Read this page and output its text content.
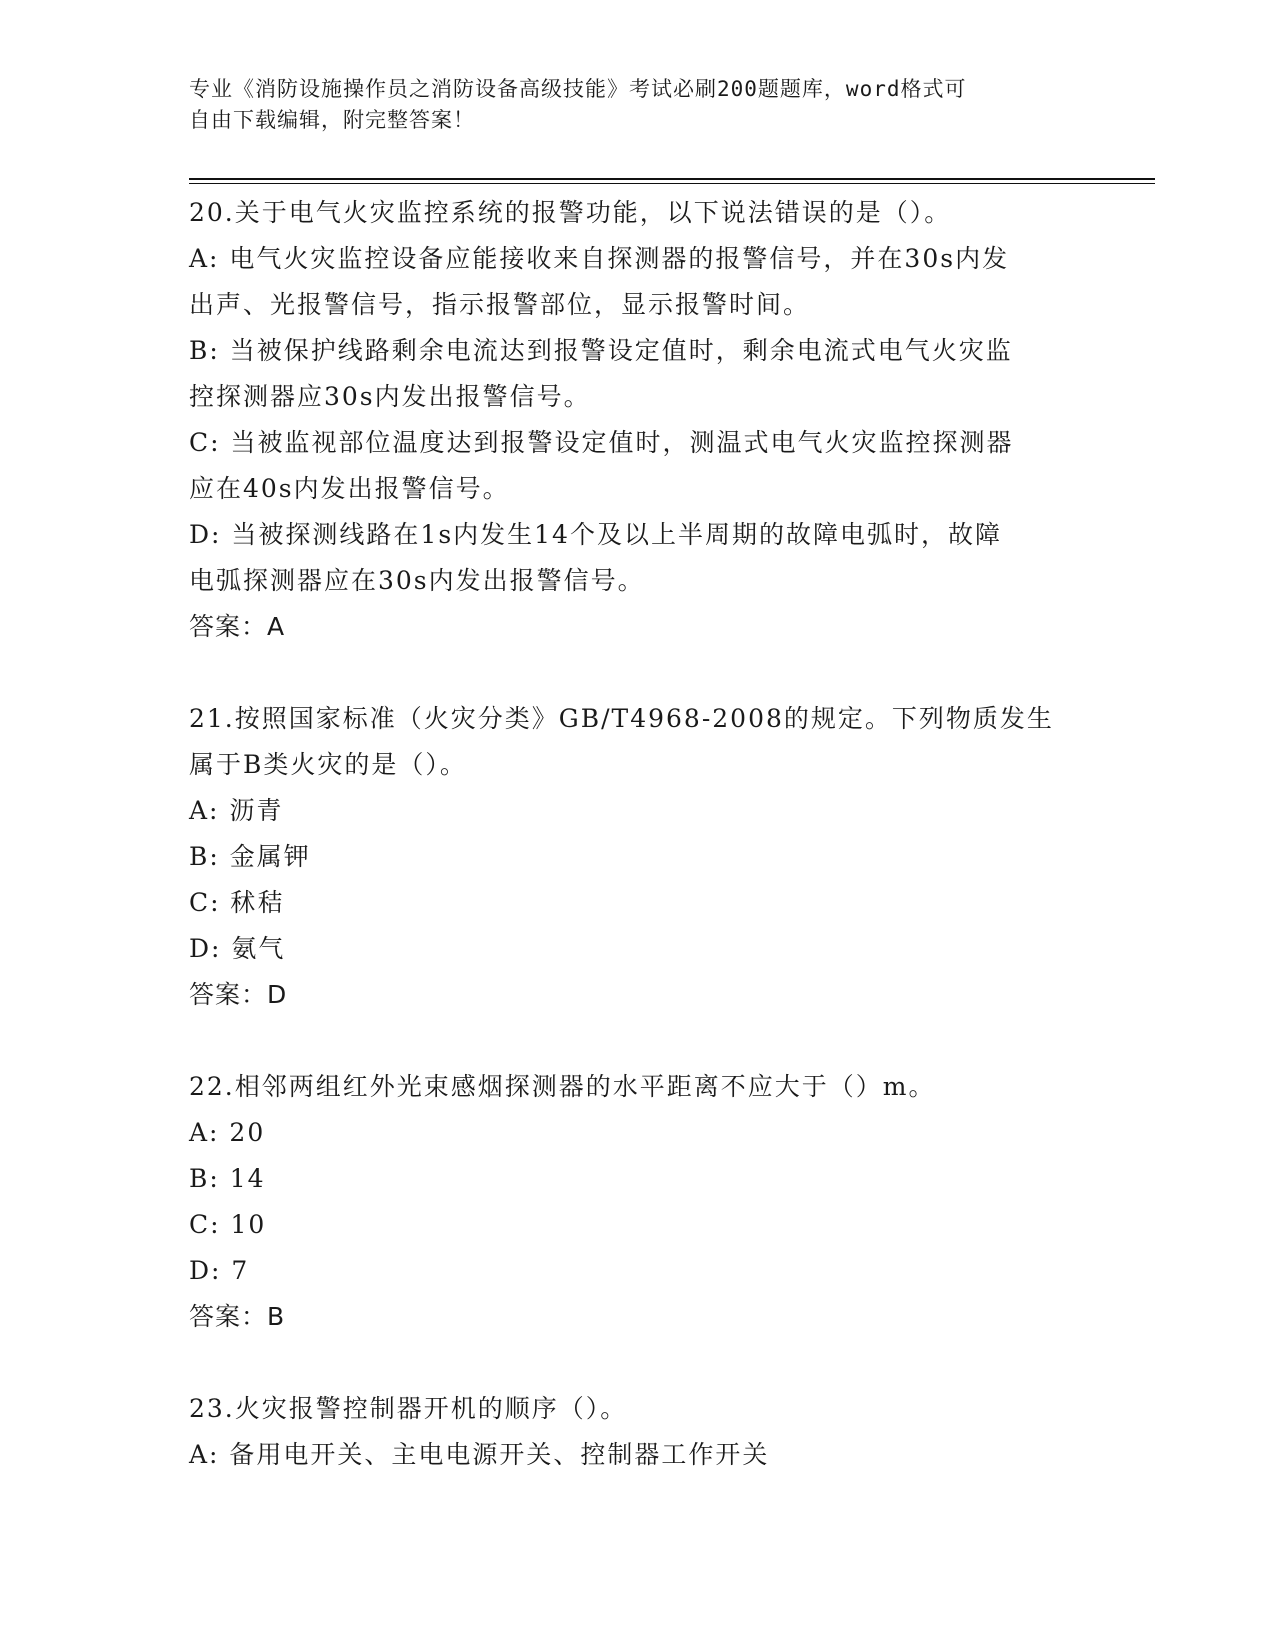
专业《消防设施操作员之消防设备高级技能》考试必刷200题题库，word格式可
自由下载编辑，附完整答案！

20.关于电气火灾监控系统的报警功能，以下说法错误的是（）。

A: 电气火灾监控设备应能接收来自探测器的报警信号，并在30s内发

出声、光报警信号，指示报警部位，显示报警时间。

B: 当被保护线路剩余电流达到报警设定值时，剩余电流式电气火灾监

控探测器应30s内发出报警信号。

C: 当被监视部位温度达到报警设定值时，测温式电气火灾监控探测器

应在40s内发出报警信号。

D: 当被探测线路在1s内发生14个及以上半周期的故障电弧时，故障

电弧探测器应在30s内发出报警信号。

答案：A

21.按照国家标准（火灾分类》GB/T4968-2008的规定。下列物质发生

属于B类火灾的是（）。

A: 沥青

B: 金属钾

C: 秫秸

D: 氨气

答案：D

22.相邻两组红外光束感烟探测器的水平距离不应大于（）m。

A: 20

B: 14

C: 10

D: 7

答案：B

23.火灾报警控制器开机的顺序（）。

A: 备用电开关、主电电源开关、控制器工作开关
